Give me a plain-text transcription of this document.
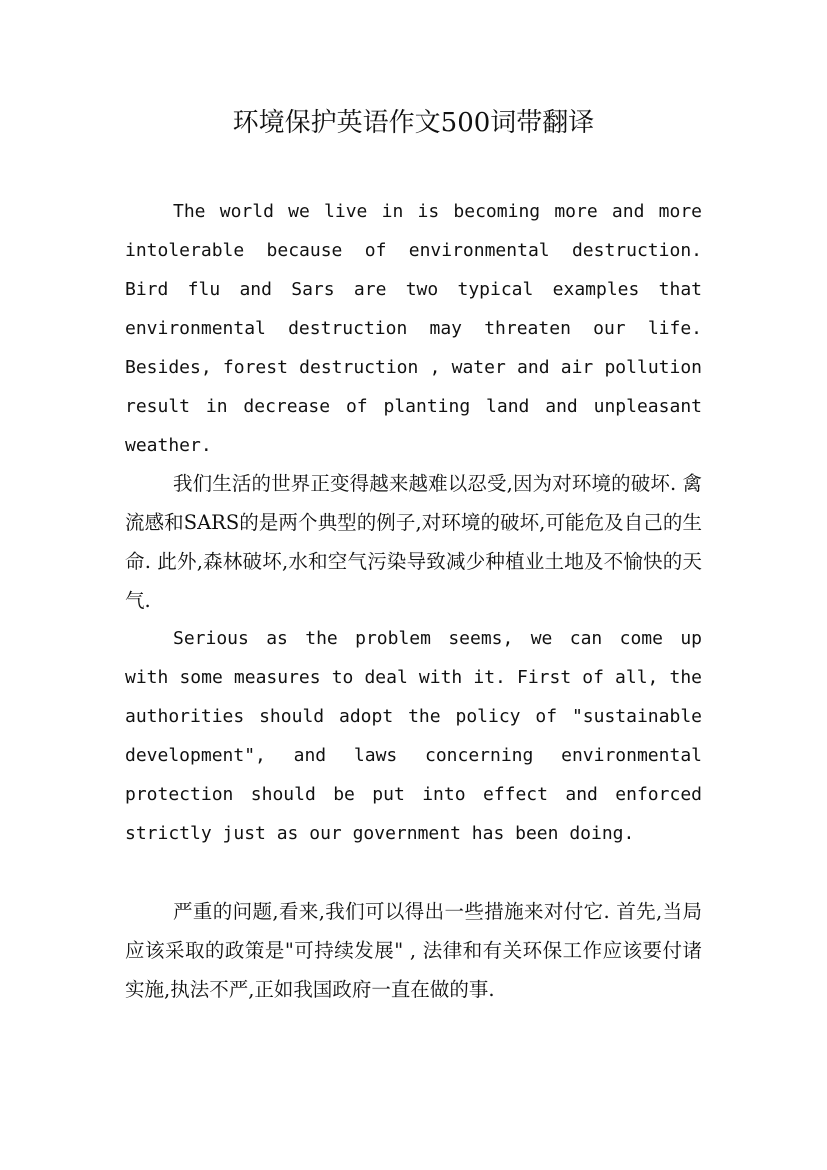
环境保护英语作文500词带翻译

The world we live in is becoming more and more intolerable because of environmental destruction. Bird flu and Sars are two typical examples that environmental destruction may threaten our life. Besides, forest destruction , water and air pollution result in decrease of planting land and unpleasant weather.

我们生活的世界正变得越来越难以忍受,因为对环境的破坏. 禽流感和SARS的是两个典型的例子,对环境的破坏,可能危及自己的生命. 此外,森林破坏,水和空气污染导致减少种植业土地及不愉快的天气.

Serious as the problem seems, we can come up with some measures to deal with it. First of all, the authorities should adopt the policy of "sustainable development", and laws concerning environmental protection should be put into effect and enforced strictly just as our government has been doing.

严重的问题,看来,我们可以得出一些措施来对付它. 首先,当局应该采取的政策是"可持续发展" , 法律和有关环保工作应该要付诸实施,执法不严,正如我国政府一直在做的事.
